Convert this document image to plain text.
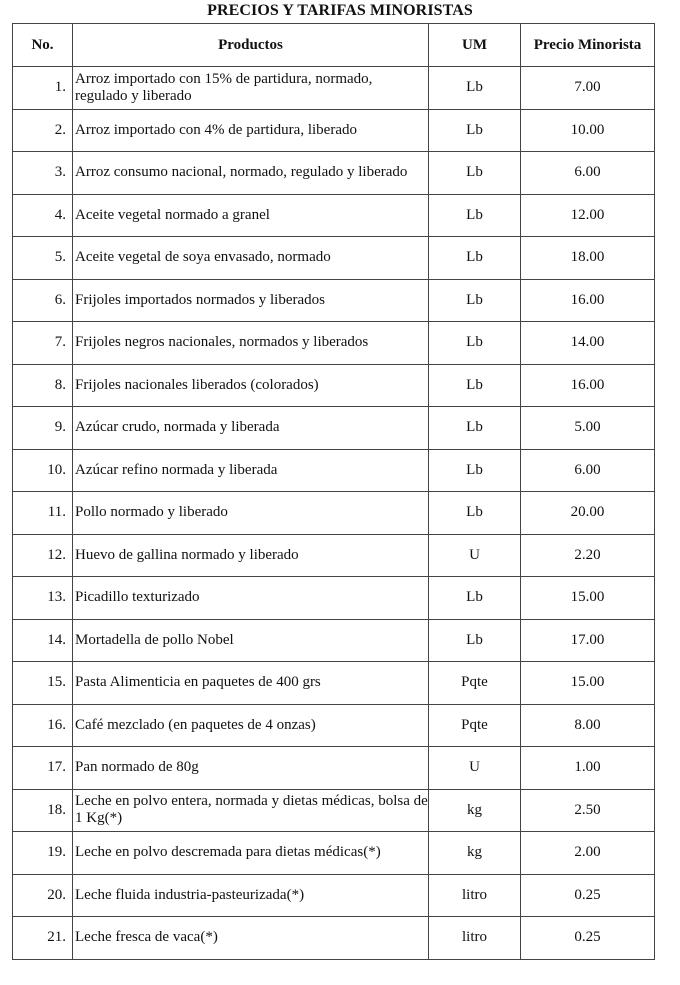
PRECIOS Y TARIFAS MINORISTAS
No.	Productos	UM	Precio Minorista
1.	Arroz importado con 15% de partidura, normado, regulado y liberado	Lb	7.00
2.	Arroz importado con 4% de partidura, liberado	Lb	10.00
3.	Arroz consumo nacional, normado, regulado y liberado	Lb	6.00
4.	Aceite vegetal normado a granel	Lb	12.00
5.	Aceite vegetal de soya envasado, normado	Lb	18.00
6.	Frijoles importados normados y liberados	Lb	16.00
7.	Frijoles negros nacionales, normados y liberados	Lb	14.00
8.	Frijoles nacionales liberados (colorados)	Lb	16.00
9.	Azúcar crudo, normada y liberada	Lb	5.00
10.	Azúcar refino normada y liberada	Lb	6.00
11.	Pollo normado y liberado	Lb	20.00
12.	Huevo de gallina normado y liberado	U	2.20
13.	Picadillo texturizado	Lb	15.00
14.	Mortadella de pollo Nobel	Lb	17.00
15.	Pasta Alimenticia en paquetes de 400 grs	Pqte	15.00
16.	Café mezclado (en paquetes de 4 onzas)	Pqte	8.00
17.	Pan normado de 80g	U	1.00
18.	Leche en polvo entera, normada y dietas médicas, bolsa de 1 Kg(*)	kg	2.50
19.	Leche en polvo descremada para dietas médicas(*)	kg	2.00
20.	Leche fluida industria-pasteurizada(*)	litro	0.25
21.	Leche fresca de vaca(*)	litro	0.25
